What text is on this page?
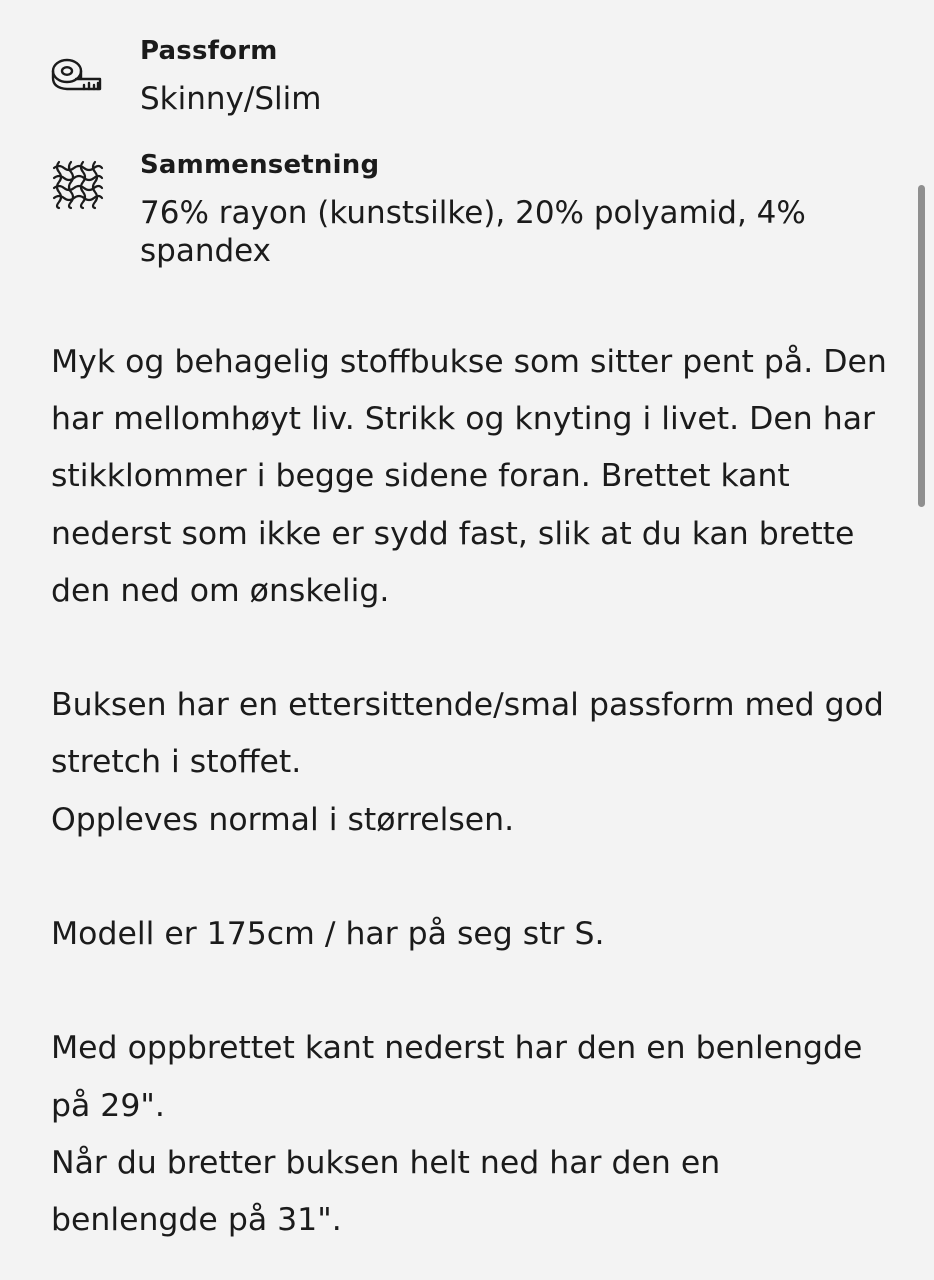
Passform
Skinny/Slim
Sammensetning
76% rayon (kunstsilke), 20% polyamid, 4% spandex

Myk og behagelig stoffbukse som sitter pent på. Den har mellomhøyt liv. Strikk og knyting i livet. Den har stikklommer i begge sidene foran. Brettet kant nederst som ikke er sydd fast, slik at du kan brette den ned om ønskelig.

Buksen har en ettersittende/smal passform med god stretch i stoffet.

Oppleves normal i størrelsen.

Modell er 175cm / har på seg str S.

Med oppbrettet kant nederst har den en benlengde på 29".

Når du bretter buksen helt ned har den en benlengde på 31".
